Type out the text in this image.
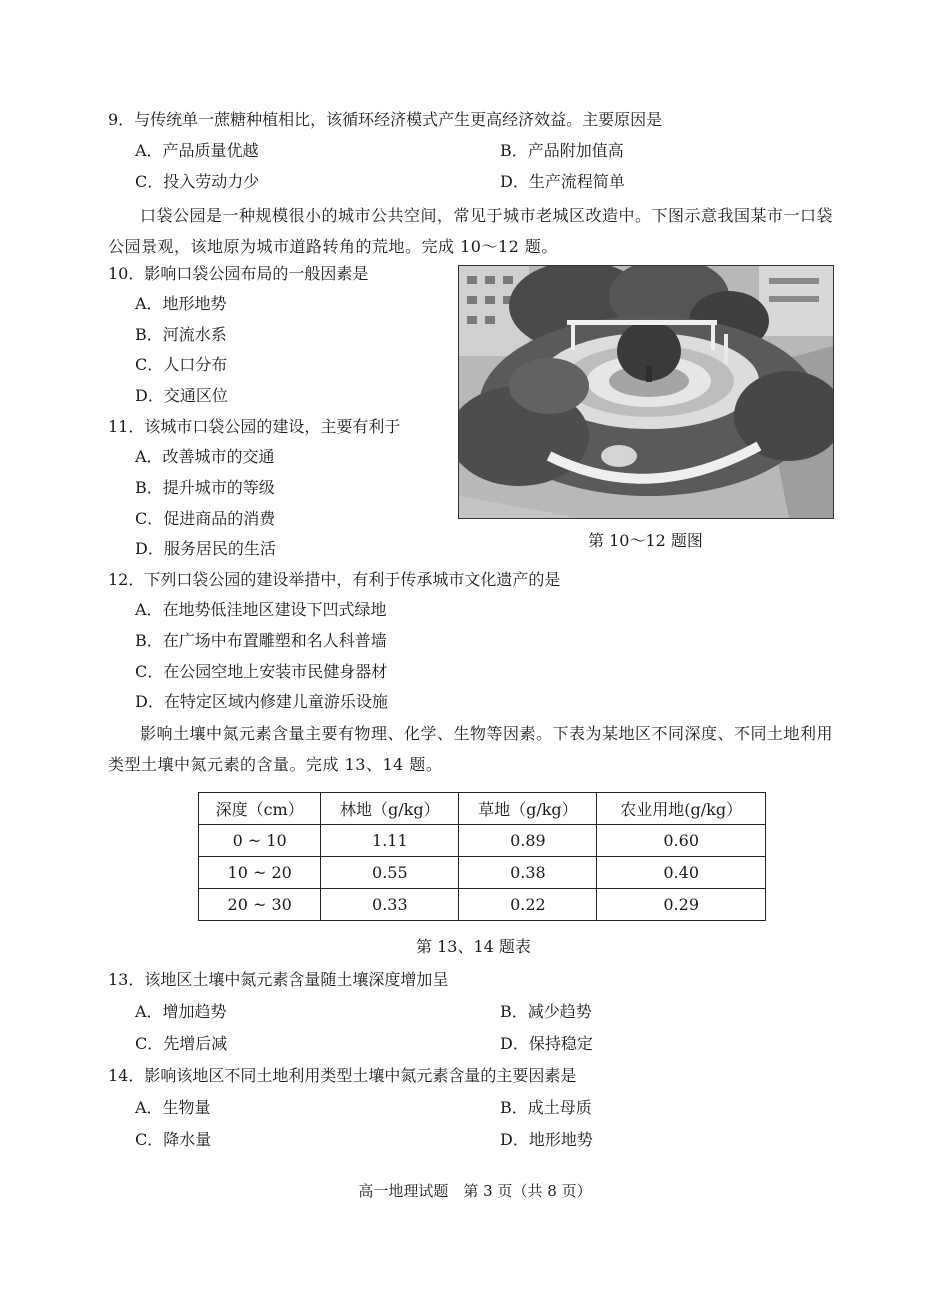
9．与传统单一蔗糖种植相比，该循环经济模式产生更高经济效益。主要原因是
A．产品质量优越	B．产品附加值高
C．投入劳动力少	D．生产流程简单
口袋公园是一种规模很小的城市公共空间，常见于城市老城区改造中。下图示意我国某市一口袋公园景观，该地原为城市道路转角的荒地。完成 10～12 题。
10．影响口袋公园布局的一般因素是
A．地形地势
B．河流水系
C．人口分布
D．交通区位
11．该城市口袋公园的建设，主要有利于
A．改善城市的交通
B．提升城市的等级
C．促进商品的消费
D．服务居民的生活	第 10～12 题图
12．下列口袋公园的建设举措中，有利于传承城市文化遗产的是
A．在地势低洼地区建设下凹式绿地
B．在广场中布置雕塑和名人科普墙
C．在公园空地上安装市民健身器材
D．在特定区域内修建儿童游乐设施
影响土壤中氮元素含量主要有物理、化学、生物等因素。下表为某地区不同深度、不同土地利用类型土壤中氮元素的含量。完成 13、14 题。
深度（cm）	林地（g/kg）	草地（g/kg）	农业用地(g/kg）
0 ~ 10	1.11	0.89	0.60
10 ~ 20	0.55	0.38	0.40
20 ~ 30	0.33	0.22	0.29
第 13、14 题表
13．该地区土壤中氮元素含量随土壤深度增加呈
A．增加趋势	B．减少趋势
C．先增后减	D．保持稳定
14．影响该地区不同土地利用类型土壤中氮元素含量的主要因素是
A．生物量	B．成土母质
C．降水量	D．地形地势
高一地理试题　第 3 页（共 8 页）
